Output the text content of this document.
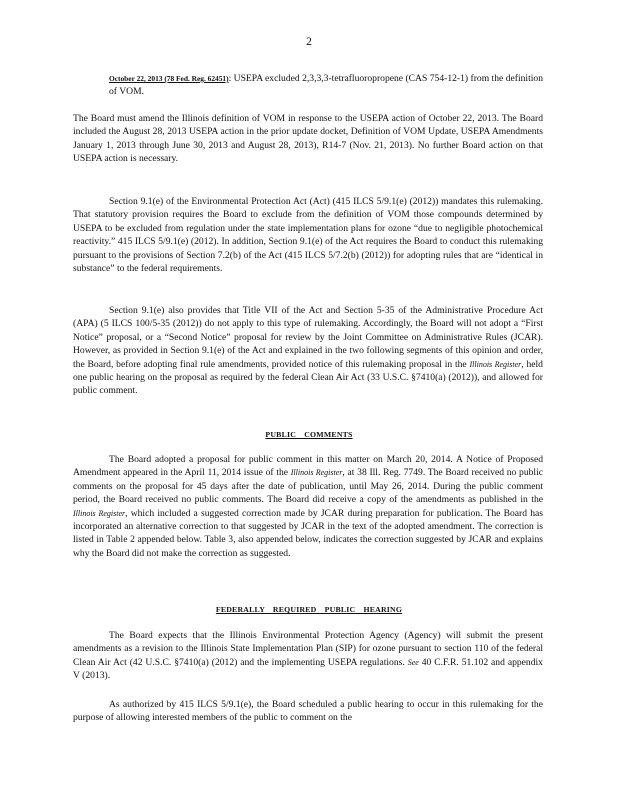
2

October 22, 2013 (78 Fed. Reg. 62451): USEPA excluded 2,3,3,3-tetrafluoropropene (CAS 754-12-1) from the definition of VOM.

The Board must amend the Illinois definition of VOM in response to the USEPA action of October 22, 2013. The Board included the August 28, 2013 USEPA action in the prior update docket, Definition of VOM Update, USEPA Amendments January 1, 2013 through June 30, 2013 and August 28, 2013), R14-7 (Nov. 21, 2013). No further Board action on that USEPA action is necessary.

Section 9.1(e) of the Environmental Protection Act (Act) (415 ILCS 5/9.1(e) (2012)) mandates this rulemaking. That statutory provision requires the Board to exclude from the definition of VOM those compounds determined by USEPA to be excluded from regulation under the state implementation plans for ozone “due to negligible photochemical reactivity.” 415 ILCS 5/9.1(e) (2012). In addition, Section 9.1(e) of the Act requires the Board to conduct this rulemaking pursuant to the provisions of Section 7.2(b) of the Act (415 ILCS 5/7.2(b) (2012)) for adopting rules that are “identical in substance” to the federal requirements.

Section 9.1(e) also provides that Title VII of the Act and Section 5-35 of the Administrative Procedure Act (APA) (5 ILCS 100/5-35 (2012)) do not apply to this type of rulemaking. Accordingly, the Board will not adopt a “First Notice” proposal, or a “Second Notice” proposal for review by the Joint Committee on Administrative Rules (JCAR). However, as provided in Section 9.1(e) of the Act and explained in the two following segments of this opinion and order, the Board, before adopting final rule amendments, provided notice of this rulemaking proposal in the Illinois Register, held one public hearing on the proposal as required by the federal Clean Air Act (33 U.S.C. §7410(a) (2012)), and allowed for public comment.

PUBLIC COMMENTS

The Board adopted a proposal for public comment in this matter on March 20, 2014. A Notice of Proposed Amendment appeared in the April 11, 2014 issue of the Illinois Register, at 38 Ill. Reg. 7749. The Board received no public comments on the proposal for 45 days after the date of publication, until May 26, 2014. During the public comment period, the Board received no public comments. The Board did receive a copy of the amendments as published in the Illinois Register, which included a suggested correction made by JCAR during preparation for publication. The Board has incorporated an alternative correction to that suggested by JCAR in the text of the adopted amendment. The correction is listed in Table 2 appended below. Table 3, also appended below, indicates the correction suggested by JCAR and explains why the Board did not make the correction as suggested.

FEDERALLY REQUIRED PUBLIC HEARING

The Board expects that the Illinois Environmental Protection Agency (Agency) will submit the present amendments as a revision to the Illinois State Implementation Plan (SIP) for ozone pursuant to section 110 of the federal Clean Air Act (42 U.S.C. §7410(a) (2012) and the implementing USEPA regulations. See 40 C.F.R. 51.102 and appendix V (2013).

As authorized by 415 ILCS 5/9.1(e), the Board scheduled a public hearing to occur in this rulemaking for the purpose of allowing interested members of the public to comment on the
